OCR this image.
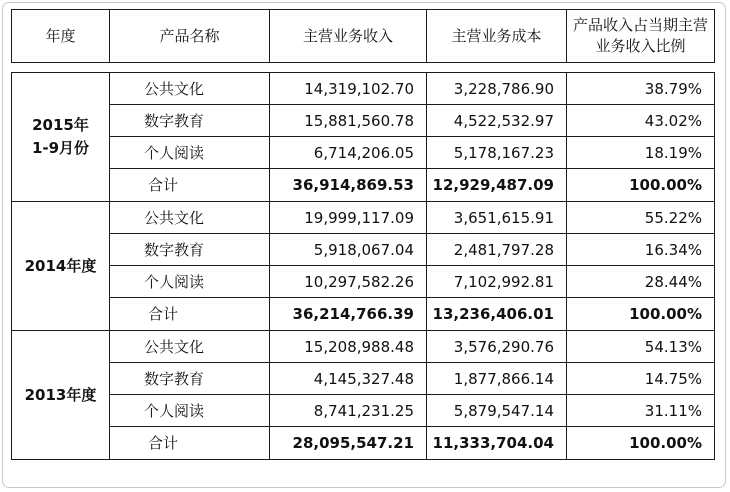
年度	产品名称	主营业务收入	主营业务成本	产品收入占当期主营业务收入比例
2015年
1-9月份	公共文化	14,319,102.70	3,228,786.90	38.79%
	数字教育	15,881,560.78	4,522,532.97	43.02%
	个人阅读	6,714,206.05	5,178,167.23	18.19%
	合计	36,914,869.53	12,929,487.09	100.00%
2014年度	公共文化	19,999,117.09	3,651,615.91	55.22%
	数字教育	5,918,067.04	2,481,797.28	16.34%
	个人阅读	10,297,582.26	7,102,992.81	28.44%
	合计	36,214,766.39	13,236,406.01	100.00%
2013年度	公共文化	15,208,988.48	3,576,290.76	54.13%
	数字教育	4,145,327.48	1,877,866.14	14.75%
	个人阅读	8,741,231.25	5,879,547.14	31.11%
	合计	28,095,547.21	11,333,704.04	100.00%
